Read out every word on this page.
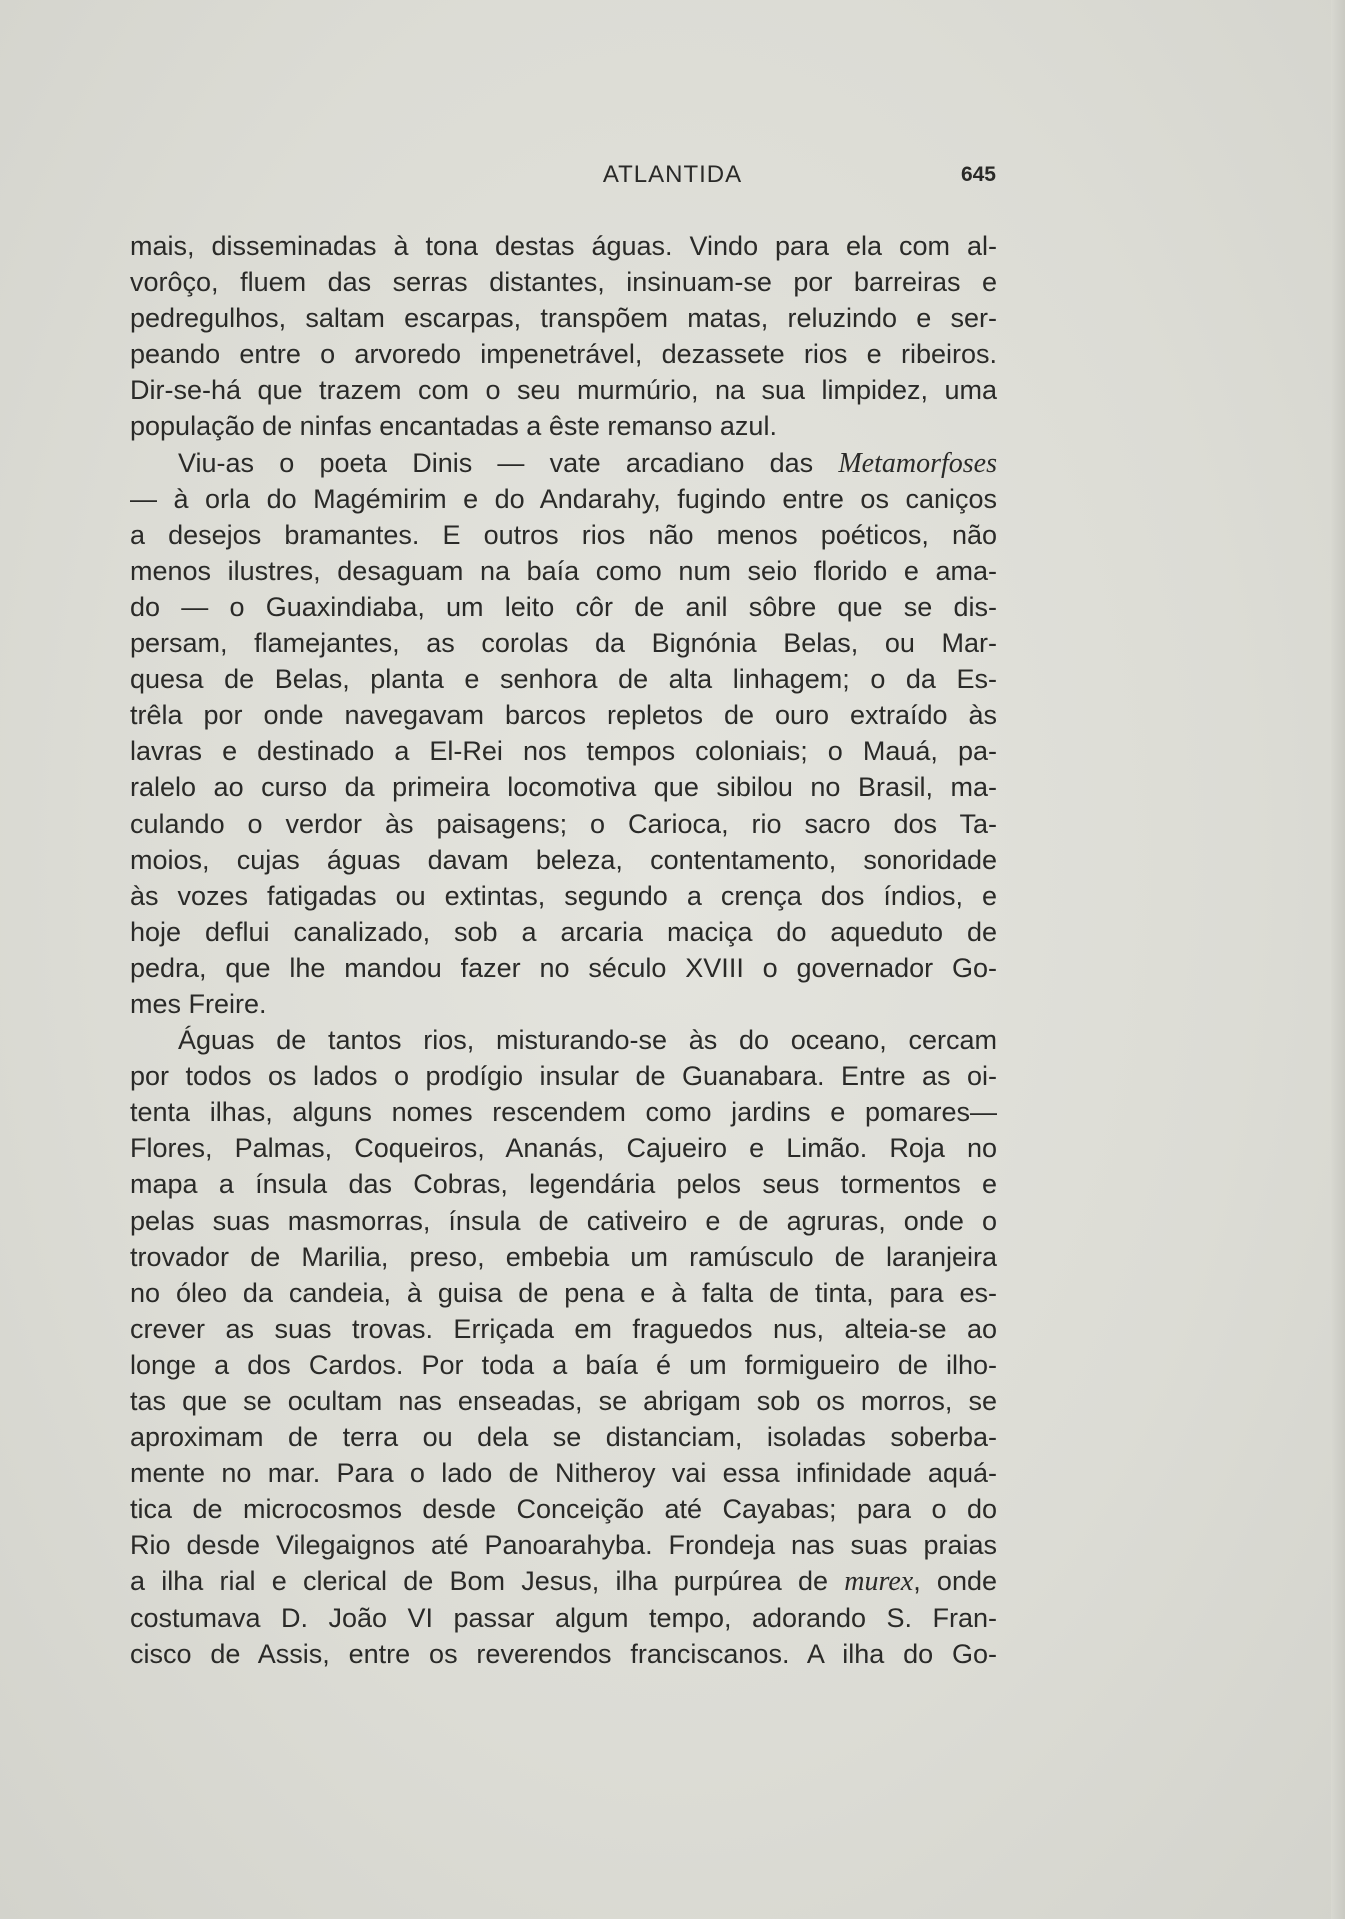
ATLANTIDA	645
mais, disseminadas à tona destas águas. Vindo para ela com al-
vorôço, fluem das serras distantes, insinuam-se por barreiras e
pedregulhos, saltam escarpas, transpõem matas, reluzindo e ser-
peando entre o arvoredo impenetrável, dezassete rios e ribeiros.
Dir-se-há que trazem com o seu murmúrio, na sua limpidez, uma
população de ninfas encantadas a êste remanso azul.
Viu-as o poeta Dinis — vate arcadiano das Metamorfoses
— à orla do Magémirim e do Andarahy, fugindo entre os caniços
a desejos bramantes. E outros rios não menos poéticos, não
menos ilustres, desaguam na baía como num seio florido e ama-
do — o Guaxindiaba, um leito côr de anil sôbre que se dis-
persam, flamejantes, as corolas da Bignónia Belas, ou Mar-
quesa de Belas, planta e senhora de alta linhagem; o da Es-
trêla por onde navegavam barcos repletos de ouro extraído às
lavras e destinado a El-Rei nos tempos coloniais; o Mauá, pa-
ralelo ao curso da primeira locomotiva que sibilou no Brasil, ma-
culando o verdor às paisagens; o Carioca, rio sacro dos Ta-
moios, cujas águas davam beleza, contentamento, sonoridade
às vozes fatigadas ou extintas, segundo a crença dos índios, e
hoje deflui canalizado, sob a arcaria maciça do aqueduto de
pedra, que lhe mandou fazer no século XVIII o governador Go-
mes Freire.
Águas de tantos rios, misturando-se às do oceano, cercam
por todos os lados o prodígio insular de Guanabara. Entre as oi-
tenta ilhas, alguns nomes rescendem como jardins e pomares—
Flores, Palmas, Coqueiros, Ananás, Cajueiro e Limão. Roja no
mapa a ínsula das Cobras, legendária pelos seus tormentos e
pelas suas masmorras, ínsula de cativeiro e de agruras, onde o
trovador de Marilia, preso, embebia um ramúsculo de laranjeira
no óleo da candeia, à guisa de pena e à falta de tinta, para es-
crever as suas trovas. Erriçada em fraguedos nus, alteia-se ao
longe a dos Cardos. Por toda a baía é um formigueiro de ilho-
tas que se ocultam nas enseadas, se abrigam sob os morros, se
aproximam de terra ou dela se distanciam, isoladas soberba-
mente no mar. Para o lado de Nitheroy vai essa infinidade aquá-
tica de microcosmos desde Conceição até Cayabas; para o do
Rio desde Vilegaignos até Panoarahyba. Frondeja nas suas praias
a ilha rial e clerical de Bom Jesus, ilha purpúrea de murex, onde
costumava D. João VI passar algum tempo, adorando S. Fran-
cisco de Assis, entre os reverendos franciscanos. A ilha do Go-
